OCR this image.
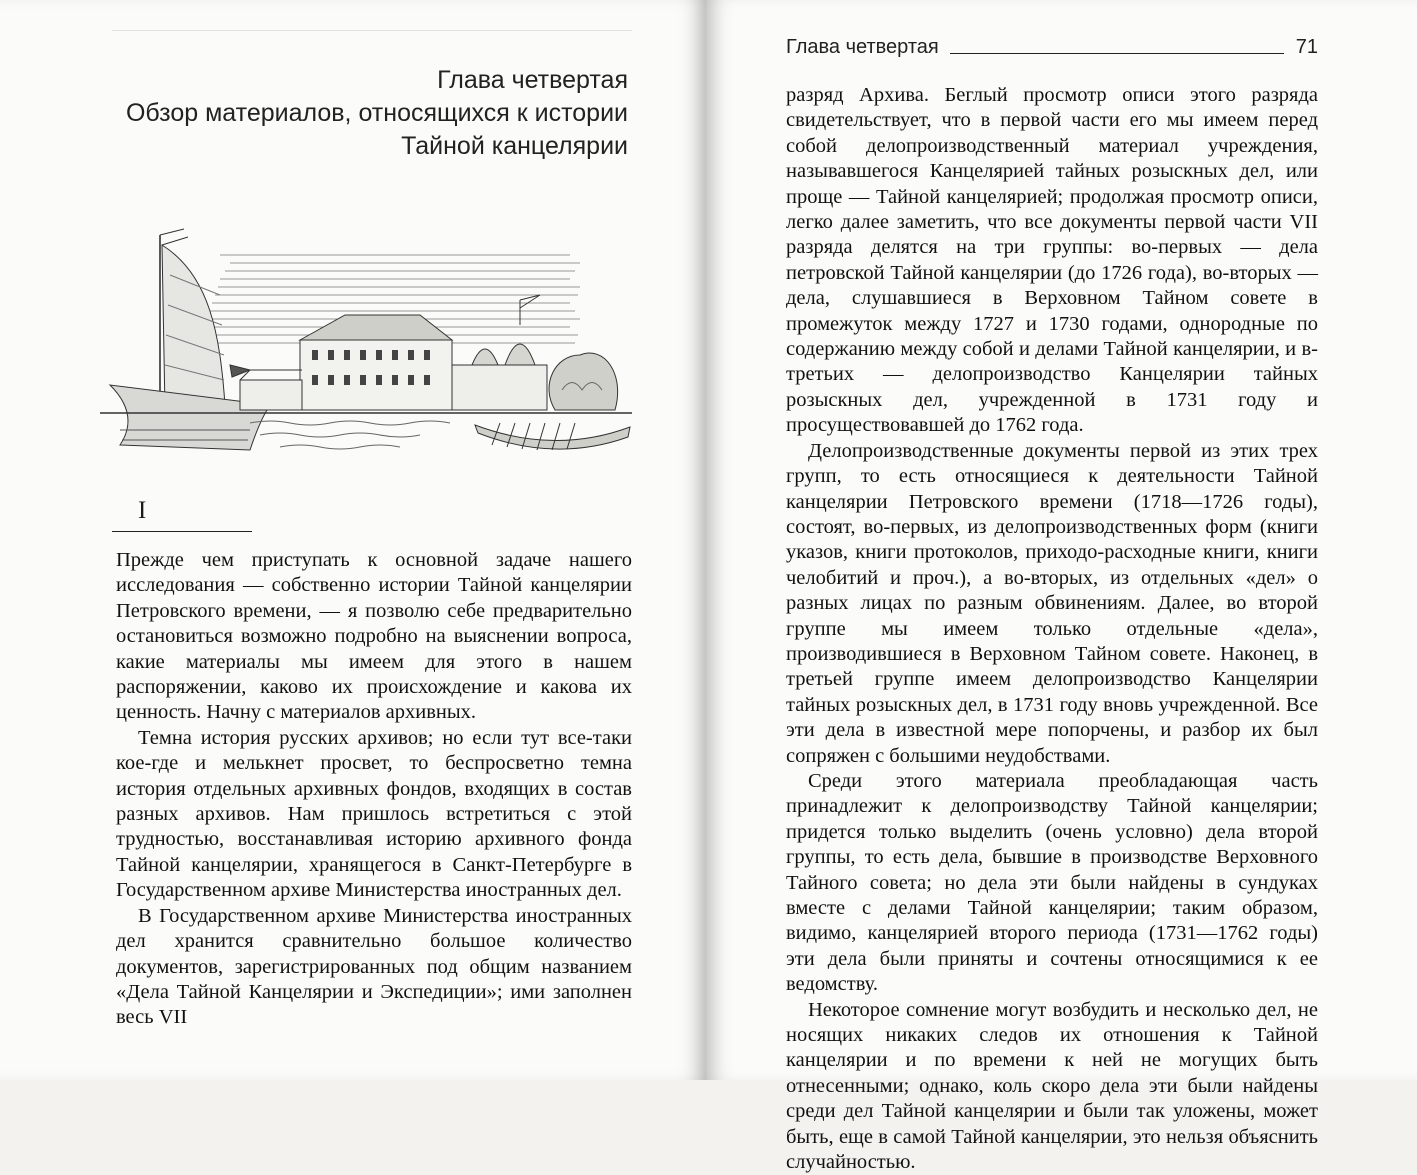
Глава четвертая
Обзор материалов, относящихся к истории
Тайной канцелярии
I

Прежде чем приступать к основной задаче нашего исследования — собственно истории Тайной канцелярии Петровского времени, — я позволю себе предварительно остановиться возможно подробно на выяснении вопроса, какие материалы мы имеем для этого в нашем распоряжении, каково их происхождение и какова их ценность. Начну с материалов архивных.

Темна история русских архивов; но если тут все-таки кое-где и мелькнет просвет, то беспросветно темна история отдельных архивных фондов, входящих в состав разных архивов. Нам пришлось встретиться с этой трудностью, восстанавливая историю архивного фонда Тайной канцелярии, хранящегося в Санкт-Петербурге в Государственном архиве Министерства иностранных дел.

В Государственном архиве Министерства иностранных дел хранится сравнительно большое количество документов, зарегистрированных под общим названием «Дела Тайной Канцелярии и Экспедиции»; ими заполнен весь VII

Глава четвертая	71

разряд Архива. Беглый просмотр описи этого разряда свидетельствует, что в первой части его мы имеем перед собой делопроизводственный материал учреждения, называвшегося Канцелярией тайных розыскных дел, или проще — Тайной канцелярией; продолжая просмотр описи, легко далее заметить, что все документы первой части VII разряда делятся на три группы: во-первых — дела петровской Тайной канцелярии (до 1726 года), во-вторых — дела, слушавшиеся в Верховном Тайном совете в промежуток между 1727 и 1730 годами, однородные по содержанию между собой и делами Тайной канцелярии, и в-третьих — делопроизводство Канцелярии тайных розыскных дел, учрежденной в 1731 году и просуществовавшей до 1762 года.

Делопроизводственные документы первой из этих трех групп, то есть относящиеся к деятельности Тайной канцелярии Петровского времени (1718—1726 годы), состоят, во-первых, из делопроизводственных форм (книги указов, книги протоколов, приходо-расходные книги, книги челобитий и проч.), а во-вторых, из отдельных «дел» о разных лицах по разным обвинениям. Далее, во второй группе мы имеем только отдельные «дела», производившиеся в Верховном Тайном совете. Наконец, в третьей группе имеем делопроизводство Канцелярии тайных розыскных дел, в 1731 году вновь учрежденной. Все эти дела в известной мере попорчены, и разбор их был сопряжен с большими неудобствами.

Среди этого материала преобладающая часть принадлежит к делопроизводству Тайной канцелярии; придется только выделить (очень условно) дела второй группы, то есть дела, бывшие в производстве Верховного Тайного совета; но дела эти были найдены в сундуках вместе с делами Тайной канцелярии; таким образом, видимо, канцелярией второго периода (1731—1762 годы) эти дела были приняты и сочтены относящимися к ее ведомству.

Некоторое сомнение могут возбудить и несколько дел, не носящих никаких следов их отношения к Тайной канцелярии и по времени к ней не могущих быть отнесенными; однако, коль скоро дела эти были найдены среди дел Тайной канцелярии и были так уложены, может быть, еще в самой Тайной канцелярии, это нельзя объяснить случайностью.
